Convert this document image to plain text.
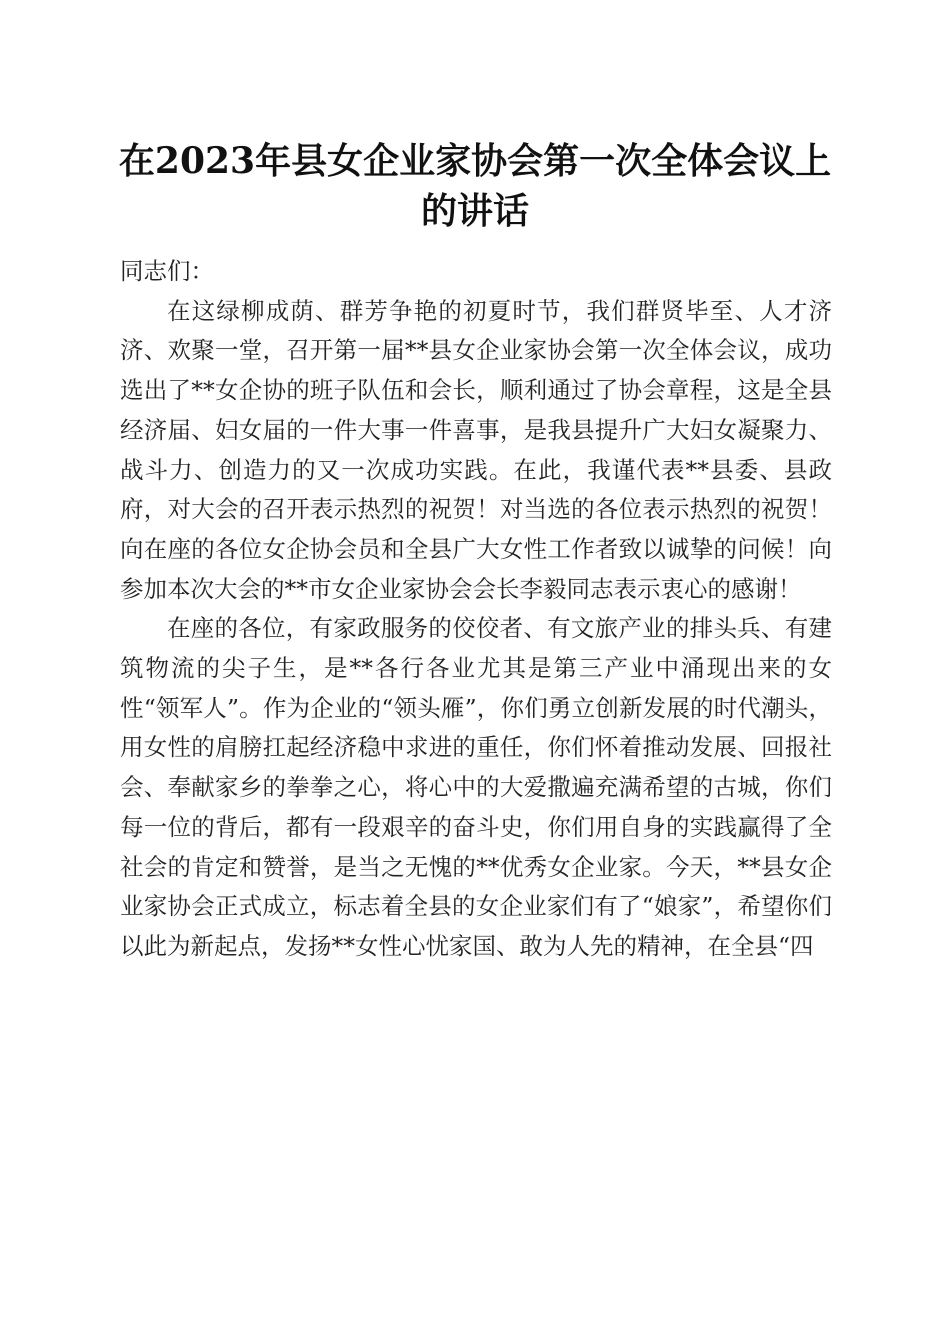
在2023年县女企业家协会第一次全体会议上的讲话

同志们：

在这绿柳成荫、群芳争艳的初夏时节，我们群贤毕至、人才济济、欢聚一堂，召开第一届**县女企业家协会第一次全体会议，成功选出了**女企协的班子队伍和会长，顺利通过了协会章程，这是全县经济届、妇女届的一件大事一件喜事，是我县提升广大妇女凝聚力、战斗力、创造力的又一次成功实践。在此，我谨代表**县委、县政府，对大会的召开表示热烈的祝贺！对当选的各位表示热烈的祝贺！向在座的各位女企协会员和全县广大女性工作者致以诚挚的问候！向参加本次大会的**市女企业家协会会长李毅同志表示衷心的感谢！

在座的各位，有家政服务的佼佼者、有文旅产业的排头兵、有建筑物流的尖子生，是**各行各业尤其是第三产业中涌现出来的女性“领军人”。作为企业的“领头雁”，你们勇立创新发展的时代潮头，用女性的肩膀扛起经济稳中求进的重任，你们怀着推动发展、回报社会、奉献家乡的拳拳之心，将心中的大爱撒遍充满希望的古城，你们每一位的背后，都有一段艰辛的奋斗史，你们用自身的实践赢得了全社会的肯定和赞誉，是当之无愧的**优秀女企业家。今天，**县女企业家协会正式成立，标志着全县的女企业家们有了“娘家”，希望你们以此为新起点，发扬**女性心忧家国、敢为人先的精神，在全县“四
